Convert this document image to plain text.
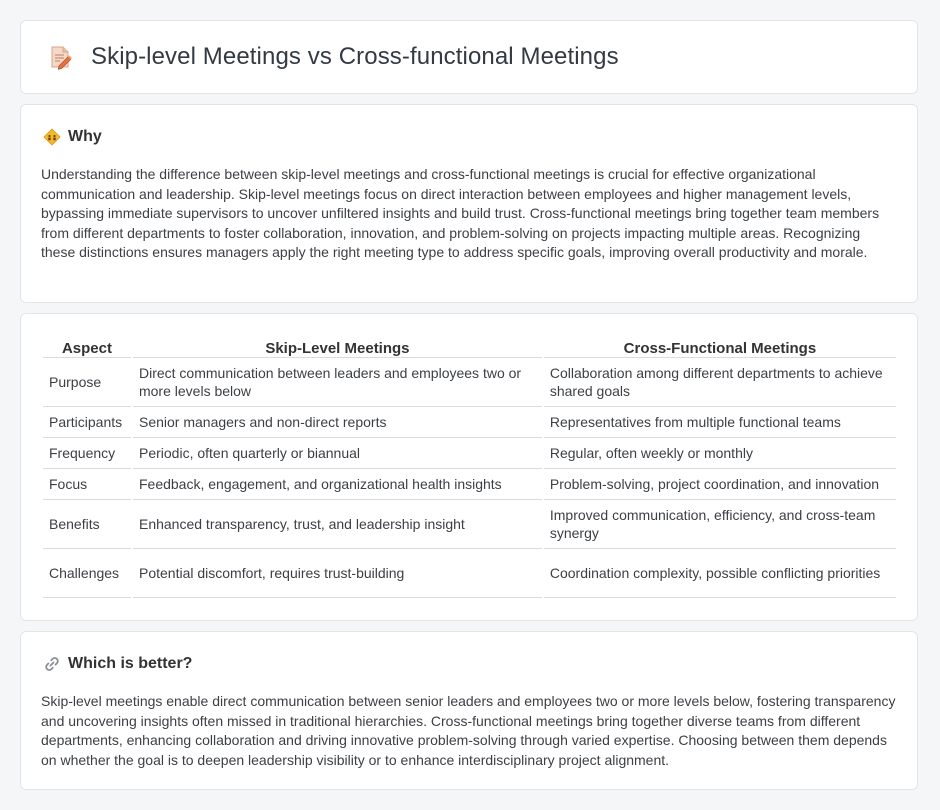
Skip-level Meetings vs Cross-functional Meetings
Why

Understanding the difference between skip-level meetings and cross-functional meetings is crucial for effective organizational communication and leadership. Skip-level meetings focus on direct interaction between employees and higher management levels, bypassing immediate supervisors to uncover unfiltered insights and build trust. Cross-functional meetings bring together team members from different departments to foster collaboration, innovation, and problem-solving on projects impacting multiple areas. Recognizing these distinctions ensures managers apply the right meeting type to address specific goals, improving overall productivity and morale.

Aspect	Skip-Level Meetings	Cross-Functional Meetings
Purpose	Direct communication between leaders and employees two or more levels below	Collaboration among different departments to achieve shared goals
Participants	Senior managers and non-direct reports	Representatives from multiple functional teams
Frequency	Periodic, often quarterly or biannual	Regular, often weekly or monthly
Focus	Feedback, engagement, and organizational health insights	Problem-solving, project coordination, and innovation
Benefits	Enhanced transparency, trust, and leadership insight	Improved communication, efficiency, and cross-team synergy
Challenges	Potential discomfort, requires trust-building	Coordination complexity, possible conflicting priorities
Which is better?

Skip-level meetings enable direct communication between senior leaders and employees two or more levels below, fostering transparency and uncovering insights often missed in traditional hierarchies. Cross-functional meetings bring together diverse teams from different departments, enhancing collaboration and driving innovative problem-solving through varied expertise. Choosing between them depends on whether the goal is to deepen leadership visibility or to enhance interdisciplinary project alignment.
